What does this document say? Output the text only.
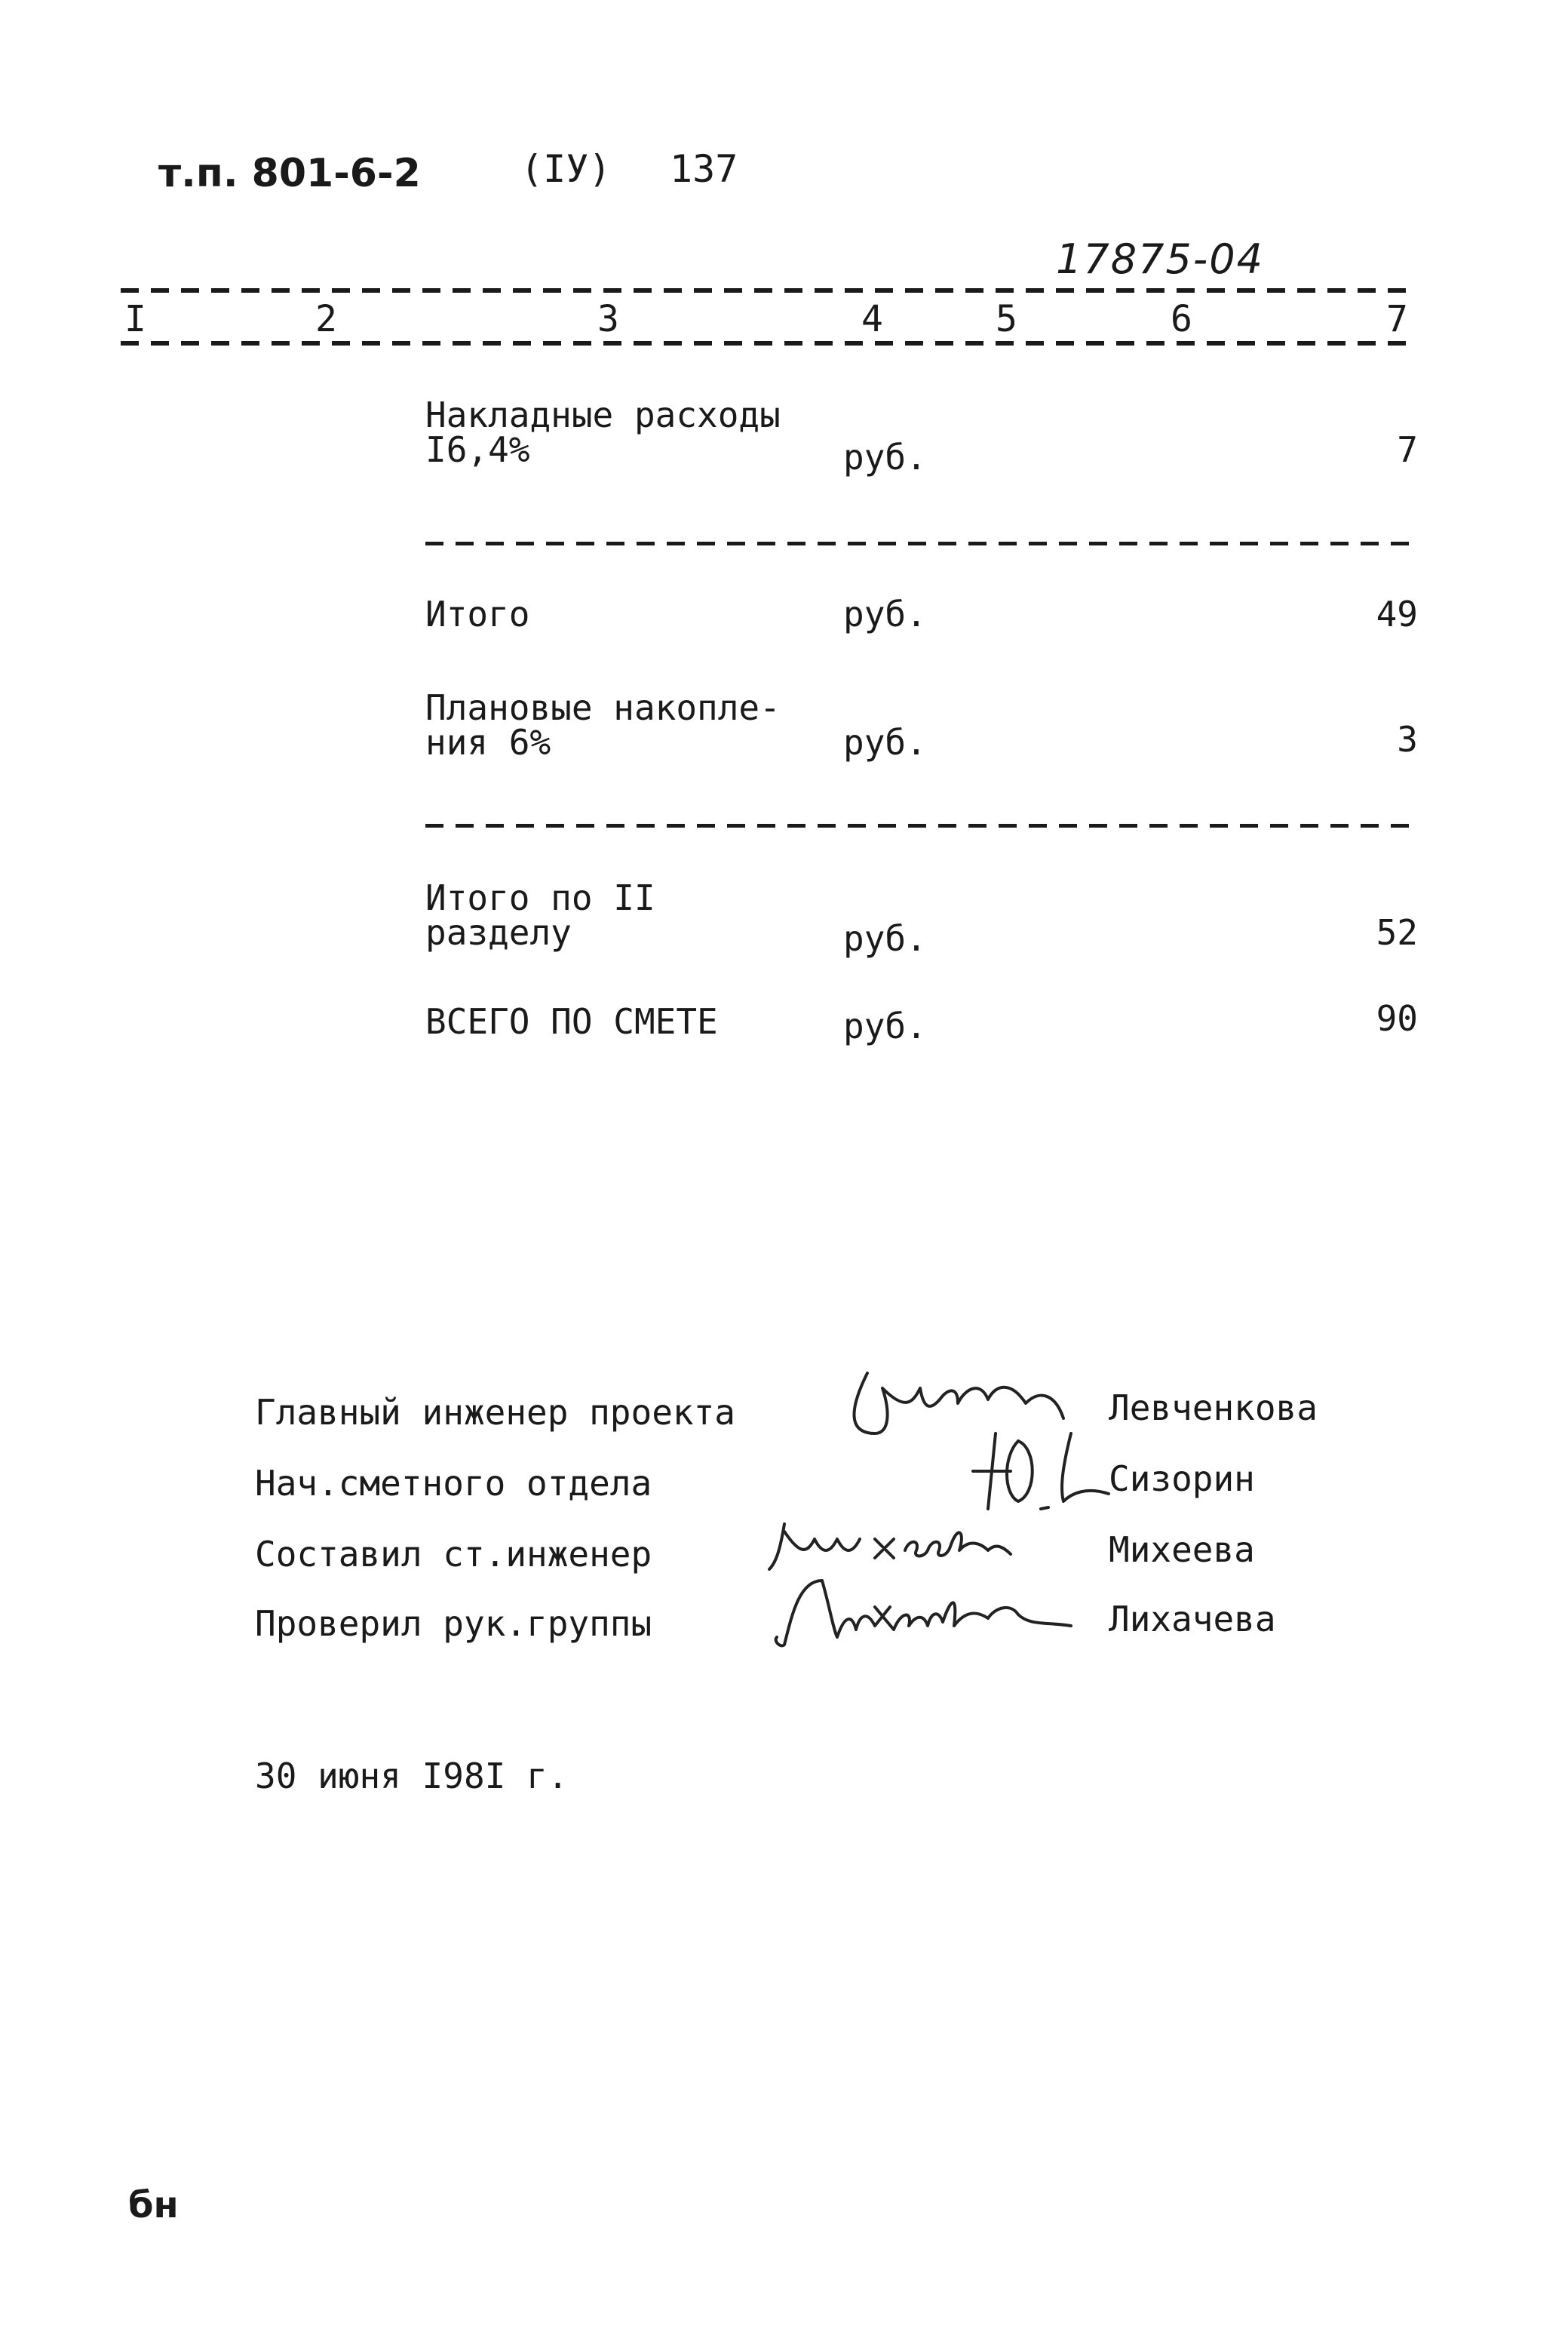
т.п. 801-6-2	(IУ) 137
17875-04
I	2	3	4	5	6	7
Накладные расходы
I6,4%	руб.	7
Итого	руб.	49
Плановые накопле-
ния 6%	руб.	3
Итого по II
разделу	руб.	52
ВСЕГО ПО СМЕТЕ	руб.	90
Главный инженер проекта	Левченкова
Нач.сметного отдела	Сизорин
Составил ст.инженер	Михеева
Проверил рук.группы	Лихачева
30 июня I98I г.
бн
